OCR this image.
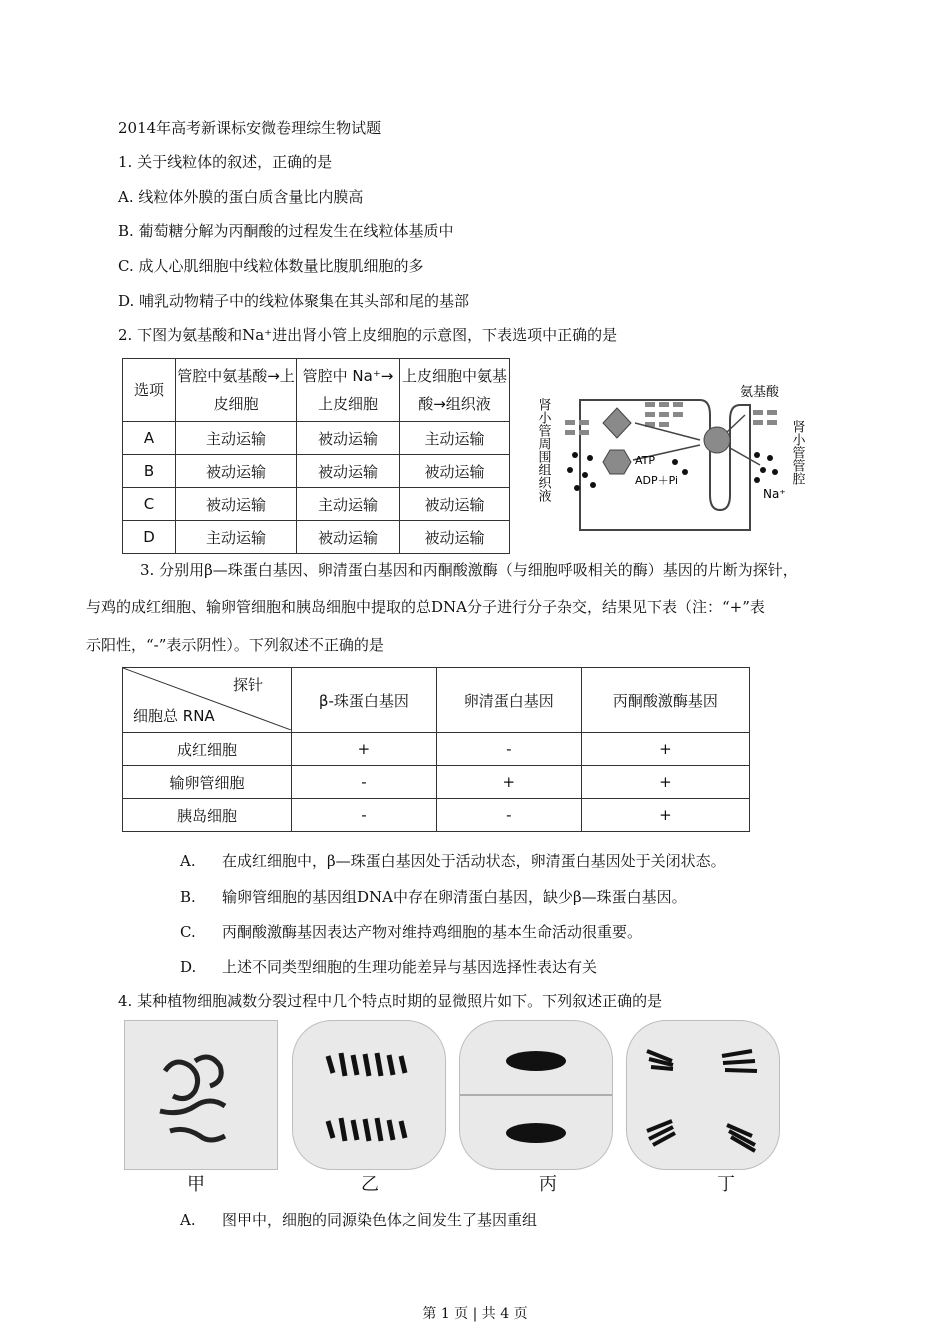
2014年高考新课标安微卷理综生物试题
1. 关于线粒体的叙述，正确的是
A. 线粒体外膜的蛋白质含量比内膜高
B. 葡萄糖分解为丙酮酸的过程发生在线粒体基质中
C. 成人心肌细胞中线粒体数量比腹肌细胞的多
D. 哺乳动物精子中的线粒体聚集在其头部和尾的基部
2. 下图为氨基酸和Na⁺进出肾小管上皮细胞的示意图，下表选项中正确的是
选项	管腔中氨基酸→上皮细胞	管腔中 Na⁺→上皮细胞	上皮细胞中氨基酸→组织液
A	主动运输	被动运输	主动运输
B	被动运输	被动运输	被动运输
C	被动运输	主动运输	被动运输
D	主动运输	被动运输	被动运输
肾小管周围组织液	肾小管管腔
氨基酸
ATP
ADP＋Pi
Na⁺
3. 分别用β—珠蛋白基因、卵清蛋白基因和丙酮酸激酶（与细胞呼吸相关的酶）基因的片断为探针，
与鸡的成红细胞、输卵管细胞和胰岛细胞中提取的总DNA分子进行分子杂交，结果见下表（注：“+”表
示阳性，“-”表示阴性）。下列叙述不正确的是
探针
细胞总 RNA	β-珠蛋白基因	卵清蛋白基因	丙酮酸激酶基因
成红细胞	+	-	+
输卵管细胞	-	+	+
胰岛细胞	-	-	+
A. 在成红细胞中，β—珠蛋白基因处于活动状态，卵清蛋白基因处于关闭状态。
B. 输卵管细胞的基因组DNA中存在卵清蛋白基因，缺少β—珠蛋白基因。
C. 丙酮酸激酶基因表达产物对维持鸡细胞的基本生命活动很重要。
D. 上述不同类型细胞的生理功能差异与基因选择性表达有关
4. 某种植物细胞减数分裂过程中几个特点时期的显微照片如下。下列叙述正确的是
甲	乙	丙	丁
A. 图甲中，细胞的同源染色体之间发生了基因重组
第 1 页 | 共 4 页
